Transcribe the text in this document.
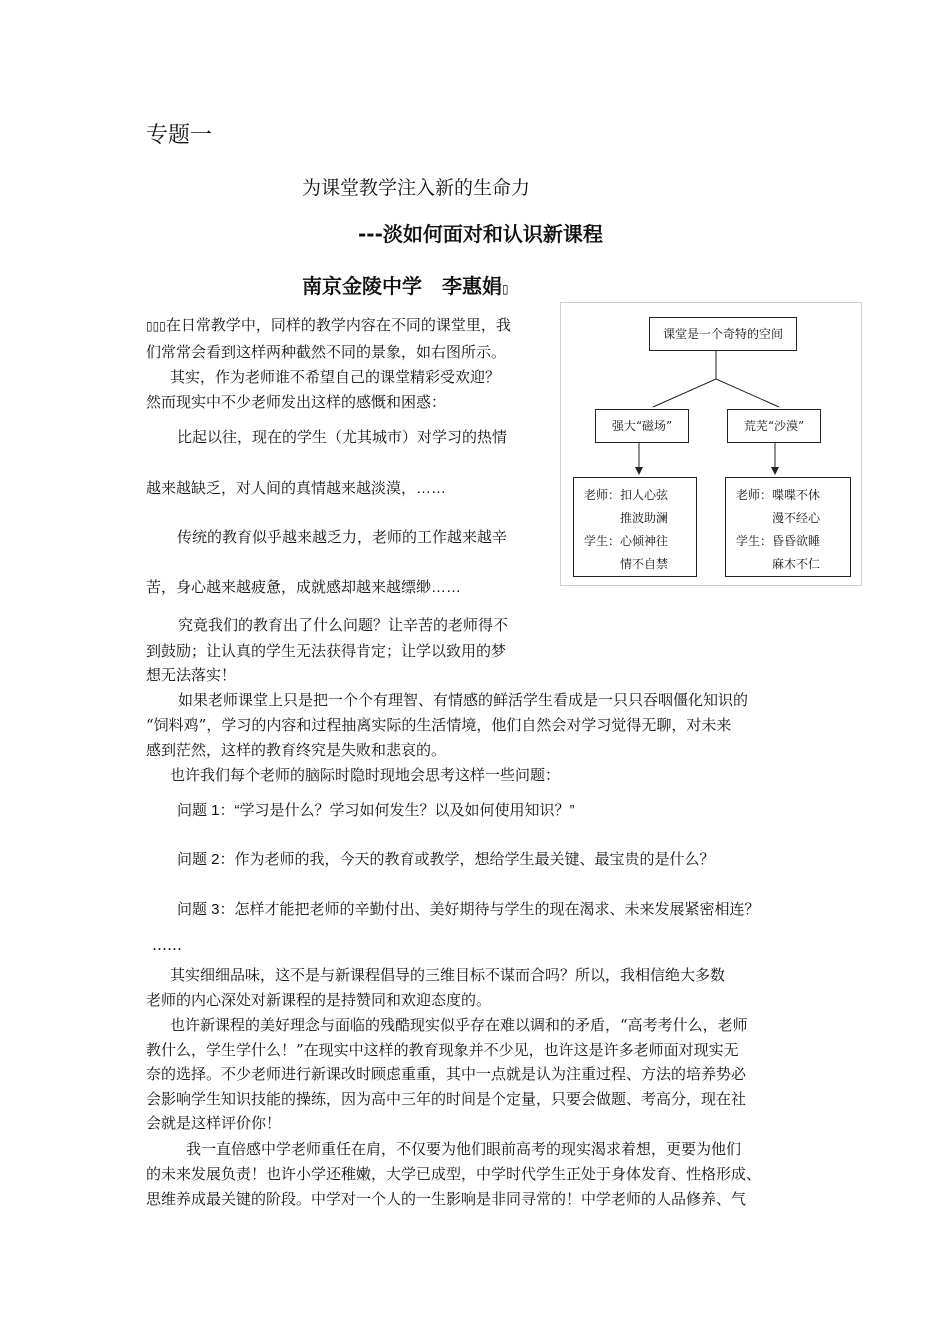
专题一
为课堂教学注入新的生命力
---淡如何面对和认识新课程
南京金陵中学　李惠娟▯
▯▯▯在日常教学中，同样的教学内容在不同的课堂里，我
们常常会看到这样两种截然不同的景象，如右图所示。
其实，作为老师谁不希望自己的课堂精彩受欢迎？
然而现实中不少老师发出这样的感慨和困惑：
比起以往，现在的学生（尤其城市）对学习的热情
越来越缺乏，对人间的真情越来越淡漠，……
传统的教育似乎越来越乏力，老师的工作越来越辛
苦，身心越来越疲惫，成就感却越来越缥缈……
究竟我们的教育出了什么问题？让辛苦的老师得不
到鼓励；让认真的学生无法获得肯定；让学以致用的梦
想无法落实！
如果老师课堂上只是把一个个有理智、有情感的鲜活学生看成是一只只吞咽僵化知识的
“饲料鸡”，学习的内容和过程抽离实际的生活情境，他们自然会对学习觉得无聊，对未来
感到茫然，这样的教育终究是失败和悲哀的。
也许我们每个老师的脑际时隐时现地会思考这样一些问题：
问题 1：“学习是什么？学习如何发生？以及如何使用知识？”
问题 2：作为老师的我，今天的教育或教学，想给学生最关键、最宝贵的是什么？
问题 3：怎样才能把老师的辛勤付出、美好期待与学生的现在渴求、未来发展紧密相连？
……
其实细细品味，这不是与新课程倡导的三维目标不谋而合吗？所以，我相信绝大多数
老师的内心深处对新课程的是持赞同和欢迎态度的。
也许新课程的美好理念与面临的残酷现实似乎存在难以调和的矛盾，“高考考什么，老师
教什么，学生学什么！”在现实中这样的教育现象并不少见，也许这是许多老师面对现实无
奈的选择。不少老师进行新课改时顾虑重重，其中一点就是认为注重过程、方法的培养势必
会影响学生知识技能的操练，因为高中三年的时间是个定量，只要会做题、考高分，现在社
会就是这样评价你！
我一直倍感中学老师重任在肩，不仅要为他们眼前高考的现实渴求着想，更要为他们
的未来发展负责！也许小学还稚嫩，大学已成型，中学时代学生正处于身体发育、性格形成、
思维养成最关键的阶段。中学对一个人的一生影响是非同寻常的！中学老师的人品修养、气
课堂是一个奇特的空间
强大“磁场”	荒芜“沙漠”
老师：扣人心弦
推波助澜
学生：心倾神往
情不自禁
老师：喋喋不休
漫不经心
学生：昏昏欲睡
麻木不仁
